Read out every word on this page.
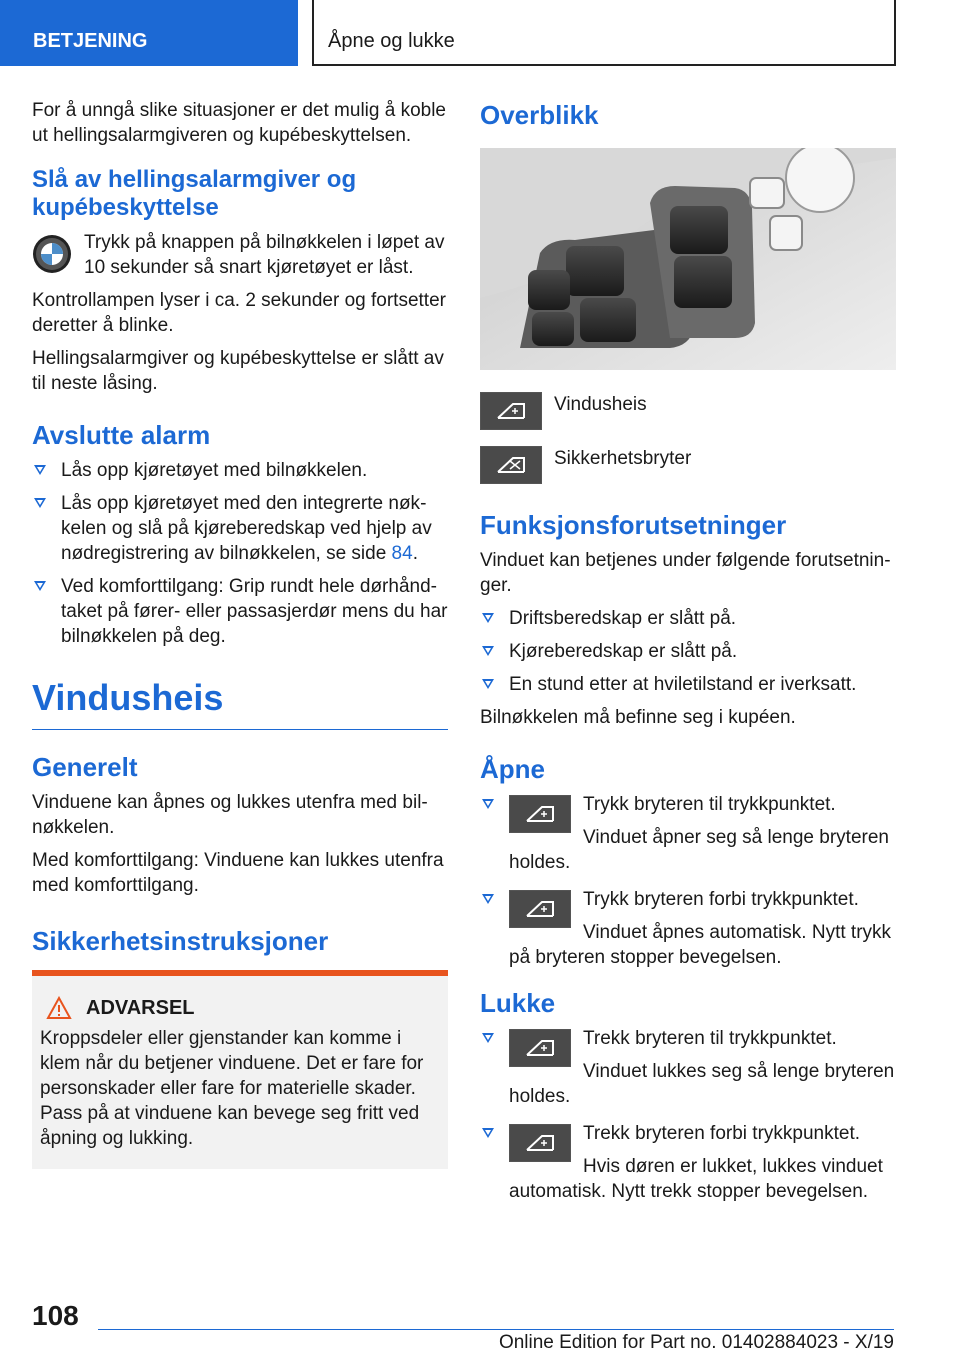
BETJENING	Åpne og lukke

For å unngå slike situasjoner er det mulig å koble ut hellingsalarmgiveren og kupébeskyttelsen.

Slå av hellingsalarmgiver og kupébeskyttelse
Trykk på knappen på bilnøkkelen i løpet av 10 sekunder så snart kjøretøyet er låst.

Kontrollampen lyser i ca. 2 sekunder og fortsetter deretter å blinke.

Hellingsalarmgiver og kupébeskyttelse er slått av til neste låsing.

Avslutte alarm
Lås opp kjøretøyet med bilnøkkelen.
Lås opp kjøretøyet med den integrerte nøkkelen og slå på kjøreberedskap ved hjelp av nødregistrering av bilnøkkelen, se side 84.
Ved komforttilgang: Grip rundt hele dørhåndtaket på fører- eller passasjerdør mens du har bilnøkkelen på deg.
Vindusheis
Generelt

Vinduene kan åpnes og lukkes utenfra med bilnøkkelen.

Med komforttilgang: Vinduene kan lukkes utenfra med komforttilgang.

Sikkerhetsinstruksjoner
ADVARSEL
Kroppsdeler eller gjenstander kan komme i klem når du betjener vinduene. Det er fare for personskader eller fare for materielle skader. Pass på at vinduene kan bevege seg fritt ved åpning og lukking.
Overblikk
Vindusheis
Sikkerhetsbryter
Funksjonsforutsetninger

Vinduet kan betjenes under følgende forutsetninger.

Driftsberedskap er slått på.
Kjøreberedskap er slått på.
En stund etter at hviletilstand er iverksatt.

Bilnøkkelen må befinne seg i kupéen.

Åpne
Trykk bryteren til trykkpunktet.
Vinduet åpner seg så lenge bryteren holdes.
Trykk bryteren forbi trykkpunktet.
Vinduet åpnes automatisk. Nytt trykk på bryteren stopper bevegelsen.
Lukke
Trekk bryteren til trykkpunktet.
Vinduet lukkes seg så lenge bryteren holdes.
Trekk bryteren forbi trykkpunktet.
Hvis døren er lukket, lukkes vinduet automatisk. Nytt trekk stopper bevegelsen.
108
Online Edition for Part no. 01402884023 - X/19
